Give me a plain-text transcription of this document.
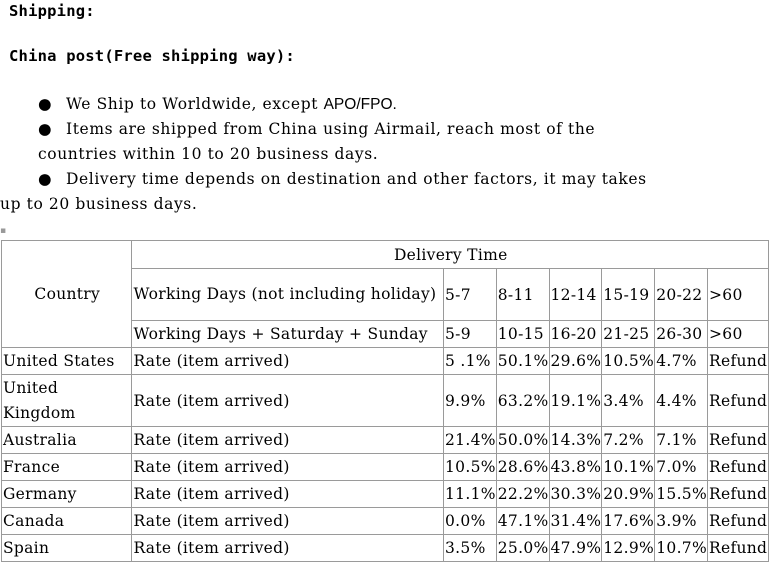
Shipping:
China post(Free shipping way):
● We Ship to Worldwide, except APO/FPO.
● Items are shipped from China using Airmail, reach most of the
countries within 10 to 20 business days.
● Delivery time depends on destination and other factors, it may takes
up to 20 business days.
▪
Country	Delivery Time						
	Working Days (not including holiday)	5-7	8-11	12-14	15-19	20-22	>60
	Working Days + Saturday + Sunday	5-9	10-15	16-20	21-25	26-30	>60
United States	Rate (item arrived)	5 .1%	50.1%	29.6%	10.5%	4.7%	Refund
United Kingdom	Rate (item arrived)	9.9%	63.2%	19.1%	3.4%	4.4%	Refund
Australia	Rate (item arrived)	21.4%	50.0%	14.3%	7.2%	7.1%	Refund
France	Rate (item arrived)	10.5%	28.6%	43.8%	10.1%	7.0%	Refund
Germany	Rate (item arrived)	11.1%	22.2%	30.3%	20.9%	15.5%	Refund
Canada	Rate (item arrived)	0.0%	47.1%	31.4%	17.6%	3.9%	Refund
Spain	Rate (item arrived)	3.5%	25.0%	47.9%	12.9%	10.7%	Refund
